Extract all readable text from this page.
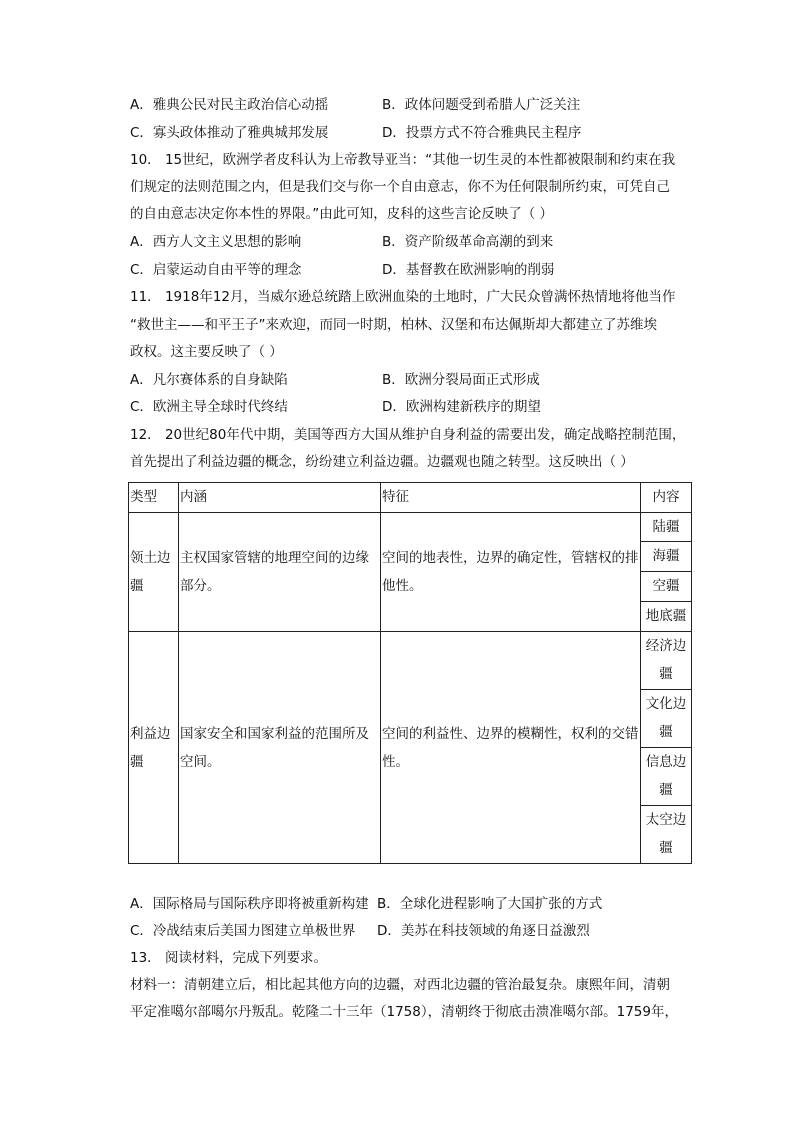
A．雅典公民对民主政治信心动摇	B．政体问题受到希腊人广泛关注
C．寡头政体推动了雅典城邦发展	D．投票方式不符合雅典民主程序
10． 15世纪，欧洲学者皮科认为上帝教导亚当：“其他一切生灵的本性都被限制和约束在我
们规定的法则范围之内，但是我们交与你一个自由意志，你不为任何限制所约束，可凭自己
的自由意志决定你本性的界限。”由此可知，皮科的这些言论反映了（ ）
A．西方人文主义思想的影响	B．资产阶级革命高潮的到来
C．启蒙运动自由平等的理念	D．基督教在欧洲影响的削弱
11． 1918年12月，当威尔逊总统踏上欧洲血染的土地时，广大民众曾满怀热情地将他当作
“救世主——和平王子”来欢迎，而同一时期，柏林、汉堡和布达佩斯却大都建立了苏维埃
政权。这主要反映了（ ）
A．凡尔赛体系的自身缺陷	B．欧洲分裂局面正式形成
C．欧洲主导全球时代终结	D．欧洲构建新秩序的期望
12． 20世纪80年代中期，美国等西方大国从维护自身利益的需要出发，确定战略控制范围，
首先提出了利益边疆的概念，纷纷建立利益边疆。边疆观也随之转型。这反映出（ ）
类型	内涵	特征	内容
领土边疆	主权国家管辖的地理空间的边缘部分。	空间的地表性，边界的确定性，管辖权的排他性。	陆疆
			海疆
			空疆
			地底疆
利益边疆	国家安全和国家利益的范围所及空间。	空间的利益性、边界的模糊性，权利的交错性。	经济边疆
			文化边疆
			信息边疆
			太空边疆
A．国际格局与国际秩序即将被重新构建 B．全球化进程影响了大国扩张的方式
C．冷战结束后美国力图建立单极世界 D．美苏在科技领域的角逐日益激烈
13． 阅读材料，完成下列要求。
材料一：清朝建立后，相比起其他方向的边疆，对西北边疆的管治最复杂。康熙年间，清朝
平定准噶尔部噶尔丹叛乱。乾隆二十三年（1758），清朝终于彻底击溃准噶尔部。1759年，
